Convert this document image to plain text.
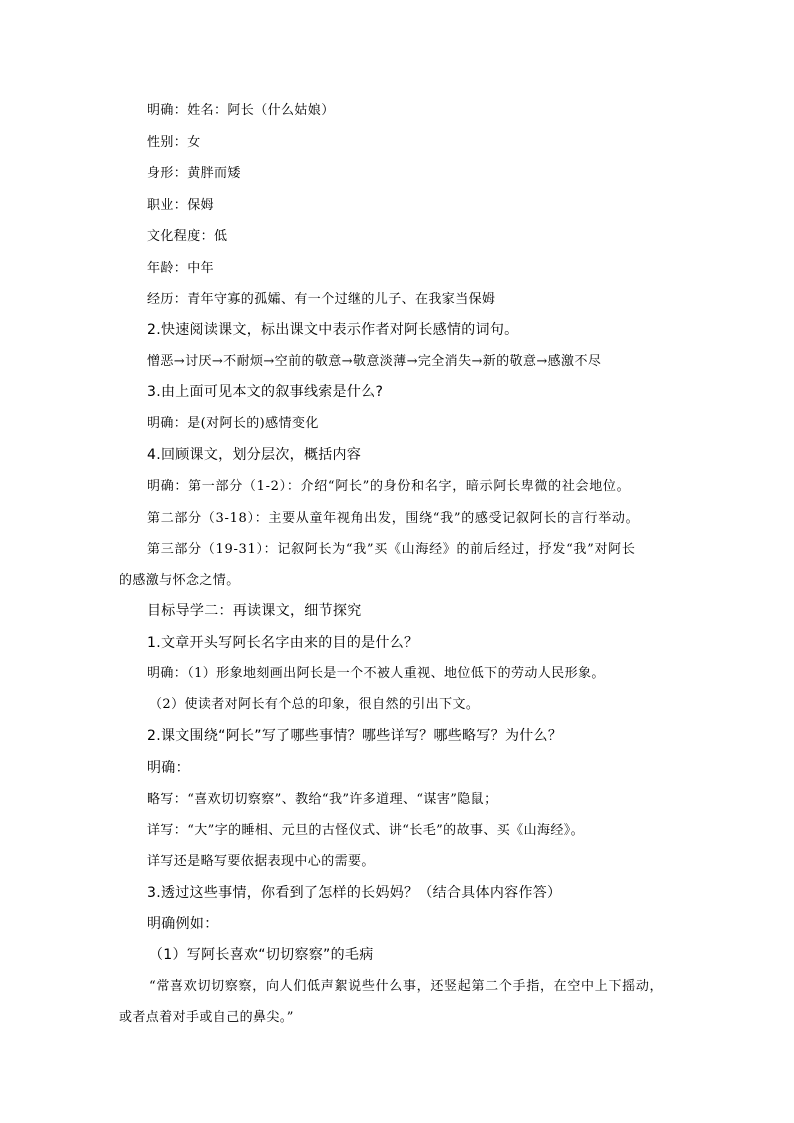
明确：姓名：阿长（什么姑娘）
性别：女
身形：黄胖而矮
职业：保姆
文化程度：低
年龄：中年
经历：青年守寡的孤孀、有一个过继的儿子、在我家当保姆
2.快速阅读课文，标出课文中表示作者对阿长感情的词句。
憎恶→讨厌→不耐烦→空前的敬意→敬意淡薄→完全消失→新的敬意→感激不尽
3.由上面可见本文的叙事线索是什么?
明确：是(对阿长的)感情变化
4.回顾课文，划分层次，概括内容
明确：第一部分（1-2）：介绍“阿长”的身份和名字，暗示阿长卑微的社会地位。
第二部分（3-18）：主要从童年视角出发，围绕“我”的感受记叙阿长的言行举动。
第三部分（19-31）：记叙阿长为“我”买《山海经》的前后经过，抒发“我”对阿长
的感激与怀念之情。
目标导学二：再读课文，细节探究
1.文章开头写阿长名字由来的目的是什么？
明确：（1）形象地刻画出阿长是一个不被人重视、地位低下的劳动人民形象。
（2）使读者对阿长有个总的印象，很自然的引出下文。
2.课文围绕“阿长”写了哪些事情？哪些详写？哪些略写？为什么？
明确：
略写：“喜欢切切察察”、教给“我”许多道理、“谋害”隐鼠；
详写：“大”字的睡相、元旦的古怪仪式、讲“长毛”的故事、买《山海经》。
详写还是略写要依据表现中心的需要。
3.透过这些事情，你看到了怎样的长妈妈？（结合具体内容作答）
明确例如：
（1）写阿长喜欢“切切察察”的毛病
“常喜欢切切察察，向人们低声絮说些什么事，还竖起第二个手指，在空中上下摇动，
或者点着对手或自己的鼻尖。”
